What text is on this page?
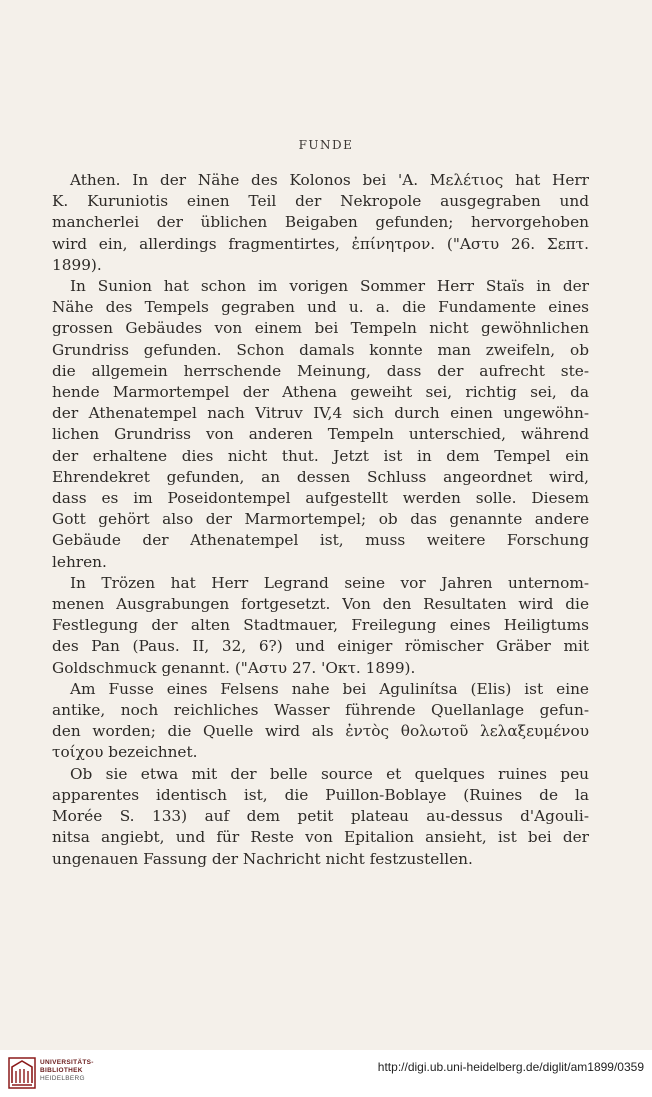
FUNDE

Athen. In der Nähe des Kolonos bei 'A. Μελέτιος hat Herr
K. Kuruniotis einen Teil der Nekropole ausgegraben und
mancherlei der üblichen Beigaben gefunden; hervorgehoben
wird ein, allerdings fragmentirtes, ἐπίνητρον. ("Αστυ 26. Σεπτ.
1899).

In Sunion hat schon im vorigen Sommer Herr Staïs in der
Nähe des Tempels gegraben und u. a. die Fundamente eines
grossen Gebäudes von einem bei Tempeln nicht gewöhnlichen
Grundriss gefunden. Schon damals konnte man zweifeln, ob
die allgemein herrschende Meinung, dass der aufrecht ste-
hende Marmortempel der Athena geweiht sei, richtig sei, da
der Athenatempel nach Vitruv IV,4 sich durch einen ungewöhn-
lichen Grundriss von anderen Tempeln unterschied, während
der erhaltene dies nicht thut. Jetzt ist in dem Tempel ein
Ehrendekret gefunden, an dessen Schluss angeordnet wird,
dass es im Poseidontempel aufgestellt werden solle. Diesem
Gott gehört also der Marmortempel; ob das genannte andere
Gebäude der Athenatempel ist, muss weitere Forschung
lehren.

In Trözen hat Herr Legrand seine vor Jahren unternom-
menen Ausgrabungen fortgesetzt. Von den Resultaten wird die
Festlegung der alten Stadtmauer, Freilegung eines Heiligtums
des Pan (Paus. II, 32, 6?) und einiger römischer Gräber mit
Goldschmuck genannt. ("Αστυ 27. 'Οκτ. 1899).

Am Fusse eines Felsens nahe bei Agulinítsa (Elis) ist eine
antike, noch reichliches Wasser führende Quellanlage gefun-
den worden; die Quelle wird als ἐντὸς θολωτοῦ λελαξευμένου
τοίχου bezeichnet.

Ob sie etwa mit der belle source et quelques ruines peu
apparentes identisch ist, die Puillon-Boblaye (Ruines de la
Morée S. 133) auf dem petit plateau au-dessus d'Agouli-
nitsa angiebt, und für Reste von Epitalion ansieht, ist bei der
ungenauen Fassung der Nachricht nicht festzustellen.

UNIVERSITÄTS-
BIBLIOTHEK
HEIDELBERG
http://digi.ub.uni-heidelberg.de/diglit/am1899/0359
